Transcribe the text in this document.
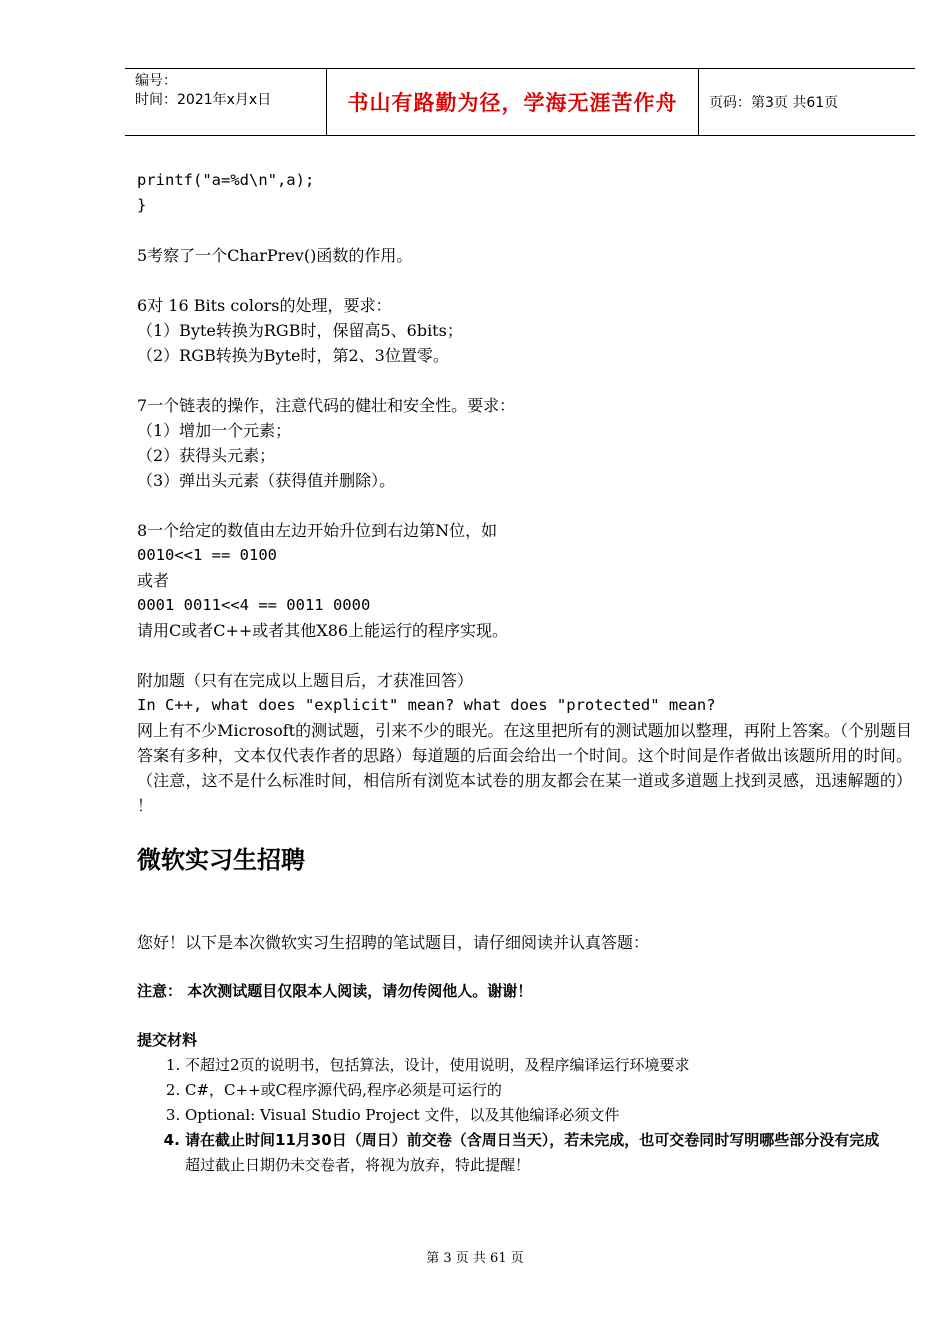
编号：
时间：2021年x月x日	书山有路勤为径，学海无涯苦作舟	页码：第3页 共61页
printf("a=%d\n",a);
}
5考察了一个CharPrev()函数的作用。
6对 16 Bits colors的处理，要求：
（1）Byte转换为RGB时，保留高5、6bits；
（2）RGB转换为Byte时，第2、3位置零。
7一个链表的操作，注意代码的健壮和安全性。要求：
（1）增加一个元素；
（2）获得头元素；
（3）弹出头元素（获得值并删除）。
8一个给定的数值由左边开始升位到右边第N位，如
0010<<1 == 0100
或者
0001 0011<<4 == 0011 0000
请用C或者C++或者其他X86上能运行的程序实现。
附加题（只有在完成以上题目后，才获准回答）
In C++, what does "explicit" mean? what does "protected" mean?
网上有不少Microsoft的测试题，引来不少的眼光。在这里把所有的测试题加以整理，再附上答案。（个别题目答案有多种，文本仅代表作者的思路）每道题的后面会给出一个时间。这个时间是作者做出该题所用的时间。（注意，这不是什么标准时间，相信所有浏览本试卷的朋友都会在某一道或多道题上找到灵感，迅速解题的） ！
微软实习生招聘
您好！以下是本次微软实习生招聘的笔试题目，请仔细阅读并认真答题：
注意： 本次测试题目仅限本人阅读，请勿传阅他人。谢谢！
提交材料
1. 不超过2页的说明书，包括算法，设计，使用说明，及程序编译运行环境要求
2. C#，C++或C程序源代码,程序必须是可运行的
3. Optional: Visual Studio Project 文件，以及其他编译必须文件
4. 请在截止时间11月30日（周日）前交卷（含周日当天），若未完成，也可交卷同时写明哪些部分没有完成
超过截止日期仍未交卷者，将视为放弃，特此提醒！
第 3 页 共 61 页
